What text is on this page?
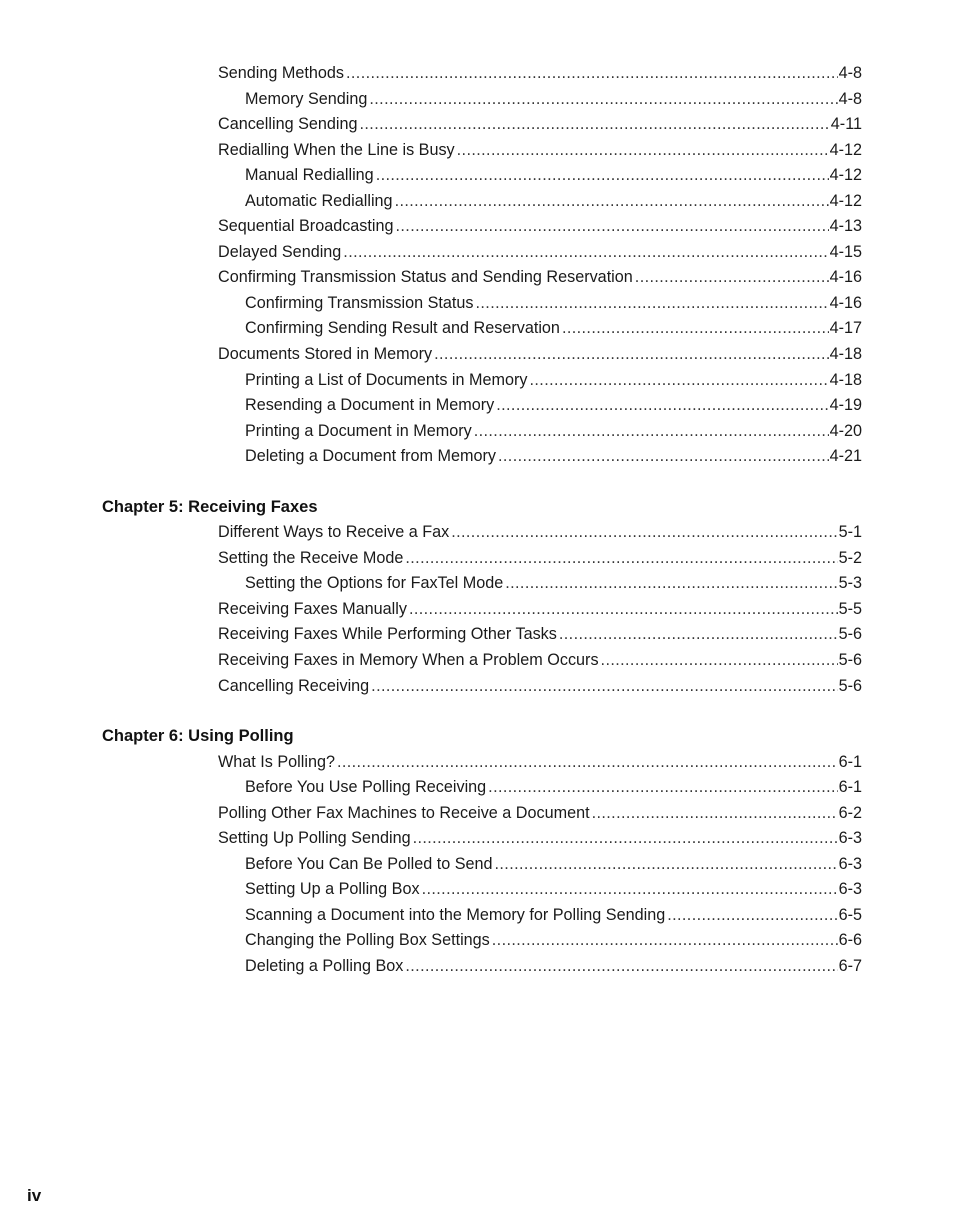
Sending Methods .....	4-8
Memory Sending .....	4-8
Cancelling Sending .....	4-11
Redialling When the Line is Busy .....	4-12
Manual Redialling .....	4-12
Automatic Redialling .....	4-12
Sequential Broadcasting .....	4-13
Delayed Sending .....	4-15
Confirming Transmission Status and Sending Reservation .....	4-16
Confirming Transmission Status .....	4-16
Confirming Sending Result and Reservation .....	4-17
Documents Stored in Memory .....	4-18
Printing a List of Documents in Memory .....	4-18
Resending a Document in Memory .....	4-19
Printing a Document in Memory .....	4-20
Deleting a Document from Memory .....	4-21
Chapter 5: Receiving Faxes
Different Ways to Receive a Fax .....	5-1
Setting the Receive Mode .....	5-2
Setting the Options for FaxTel Mode .....	5-3
Receiving Faxes Manually .....	5-5
Receiving Faxes While Performing Other Tasks .....	5-6
Receiving Faxes in Memory When a Problem Occurs .....	5-6
Cancelling Receiving .....	5-6
Chapter 6: Using Polling
What Is Polling? .....	6-1
Before You Use Polling Receiving .....	6-1
Polling Other Fax Machines to Receive a Document .....	6-2
Setting Up Polling Sending .....	6-3
Before You Can Be Polled to Send .....	6-3
Setting Up a Polling Box .....	6-3
Scanning a Document into the Memory for Polling Sending .....	6-5
Changing the Polling Box Settings .....	6-6
Deleting a Polling Box .....	6-7
iv
